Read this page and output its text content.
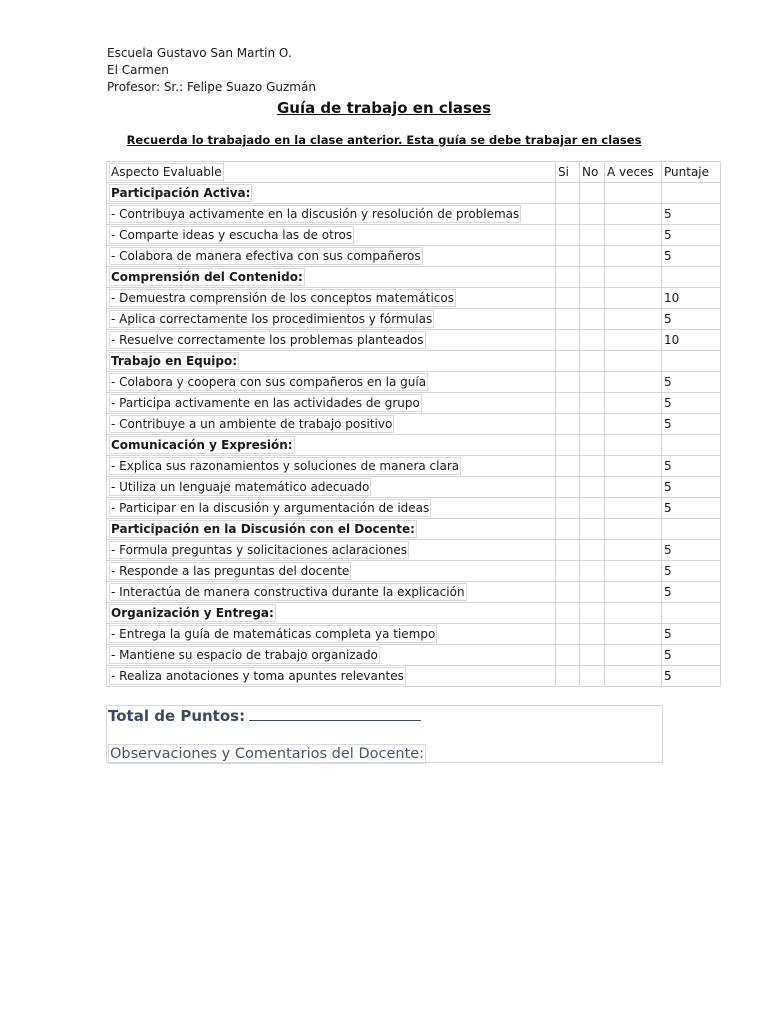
Escuela Gustavo San Martin O.
El Carmen
Profesor: Sr.: Felipe Suazo Guzmán
Guía de trabajo en clases
Recuerda lo trabajado en la clase anterior. Esta guía se debe trabajar en clases
Aspecto Evaluable	Si	No	A veces	Puntaje
Participación Activa:				
- Contribuya activamente en la discusión y resolución de problemas				5
- Comparte ideas y escucha las de otros				5
- Colabora de manera efectiva con sus compañeros				5
Comprensión del Contenido:				
- Demuestra comprensión de los conceptos matemáticos				10
- Aplica correctamente los procedimientos y fórmulas				5
- Resuelve correctamente los problemas planteados				10
Trabajo en Equipo:				
- Colabora y coopera con sus compañeros en la guía				5
- Participa activamente en las actividades de grupo				5
- Contribuye a un ambiente de trabajo positivo				5
Comunicación y Expresión:				
- Explica sus razonamientos y soluciones de manera clara				5
- Utiliza un lenguaje matemático adecuado				5
- Participar en la discusión y argumentación de ideas				5
Participación en la Discusión con el Docente:				
- Formula preguntas y solicitaciones aclaraciones				5
- Responde a las preguntas del docente				5
- Interactúa de manera constructiva durante la explicación				5
Organización y Entrega:				
- Entrega la guía de matemáticas completa ya tiempo				5
- Mantiene su espacio de trabajo organizado				5
- Realiza anotaciones y toma apuntes relevantes				5
Total de Puntos:
Observaciones y Comentarios del Docente:
